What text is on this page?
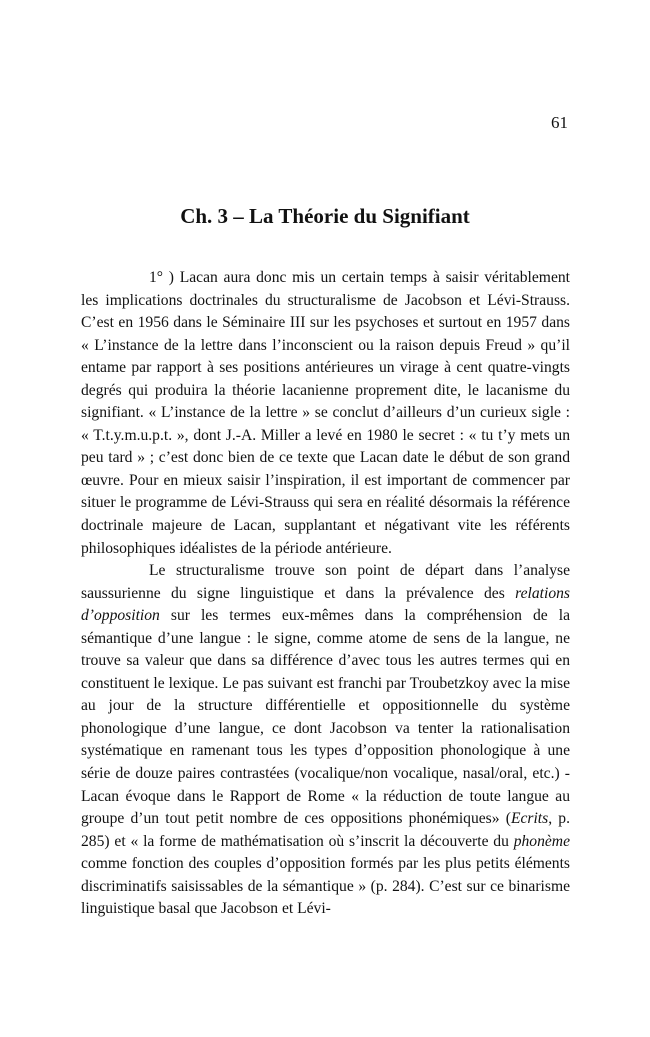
61
Ch. 3 – La Théorie du Signifiant

1° ) Lacan aura donc mis un certain temps à saisir véritablement les implications doctrinales du structuralisme de Jacobson et Lévi-Strauss. C’est en 1956 dans le Séminaire III sur les psychoses et surtout en 1957 dans « L’instance de la lettre dans l’inconscient ou la raison depuis Freud » qu’il entame par rapport à ses positions antérieures un virage à cent quatre-vingts degrés qui produira la théorie lacanienne proprement dite, le lacanisme du signifiant. « L’instance de la lettre » se conclut d’ailleurs d’un curieux sigle : « T.t.y.m.u.p.t. », dont J.-A. Miller a levé en 1980 le secret : « tu t’y mets un peu tard » ; c’est donc bien de ce texte que Lacan date le début de son grand œuvre. Pour en mieux saisir l’inspiration, il est important de commencer par situer le programme de Lévi-Strauss qui sera en réalité désormais la référence doctrinale majeure de Lacan, supplantant et négativant vite les référents philosophiques idéalistes de la période antérieure.

Le structuralisme trouve son point de départ dans l’analyse saussurienne du signe linguistique et dans la prévalence des relations d’opposition sur les termes eux-mêmes dans la compréhension de la sémantique d’une langue : le signe, comme atome de sens de la langue, ne trouve sa valeur que dans sa différence d’avec tous les autres termes qui en constituent le lexique. Le pas suivant est franchi par Troubetzkoy avec la mise au jour de la structure différentielle et oppositionnelle du système phonologique d’une langue, ce dont Jacobson va tenter la rationalisation systématique en ramenant tous les types d’opposition phonologique à une série de douze paires contrastées (vocalique/non vocalique, nasal/oral, etc.) - Lacan évoque dans le Rapport de Rome « la réduction de toute langue au groupe d’un tout petit nombre de ces oppositions phonémiques» (Ecrits, p. 285) et « la forme de mathématisation où s’inscrit la découverte du phonème comme fonction des couples d’opposition formés par les plus petits éléments discriminatifs saisissables de la sémantique » (p. 284). C’est sur ce binarisme linguistique basal que Jacobson et Lévi-
